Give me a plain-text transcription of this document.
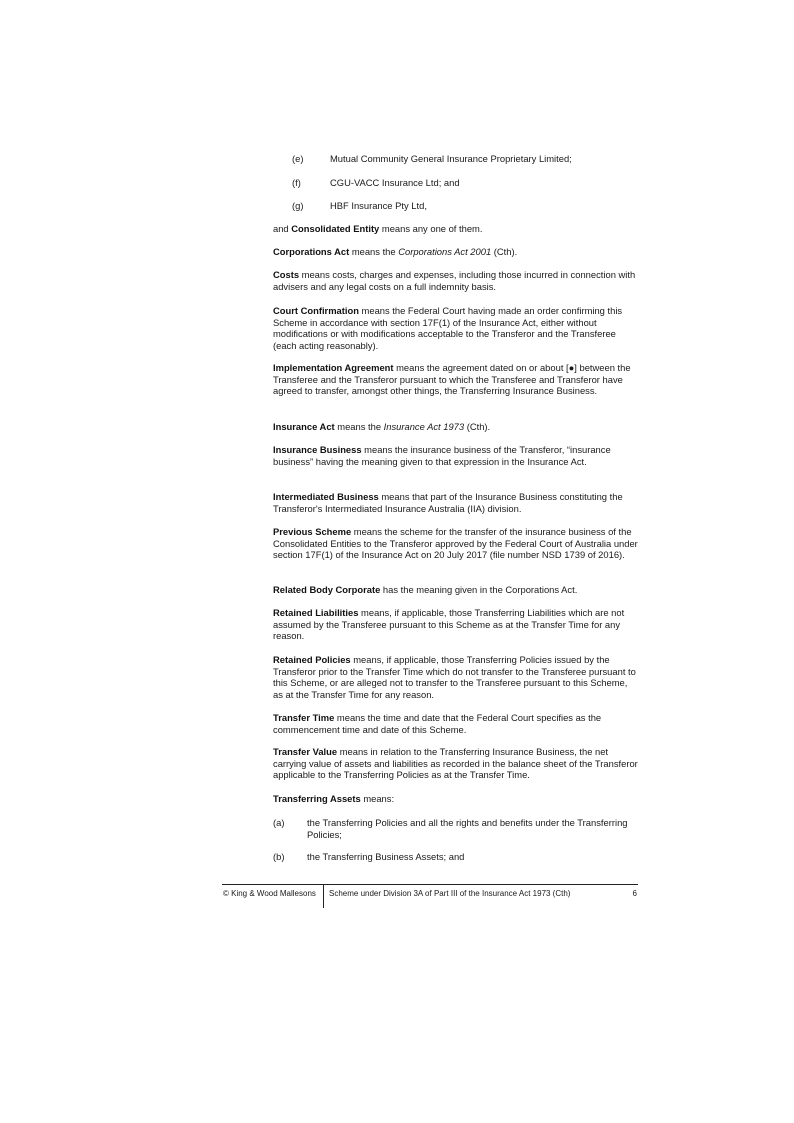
(e)	Mutual Community General Insurance Proprietary Limited;
(f)	CGU-VACC Insurance Ltd; and
(g)	HBF Insurance Pty Ltd,
and Consolidated Entity means any one of them.
Corporations Act means the Corporations Act 2001 (Cth).
Costs means costs, charges and expenses, including those incurred in connection with advisers and any legal costs on a full indemnity basis.
Court Confirmation means the Federal Court having made an order confirming this Scheme in accordance with section 17F(1) of the Insurance Act, either without modifications or with modifications acceptable to the Transferor and the Transferee (each acting reasonably).
Implementation Agreement means the agreement dated on or about [●] between the Transferee and the Transferor pursuant to which the Transferee and Transferor have agreed to transfer, amongst other things, the Transferring Insurance Business.
Insurance Act means the Insurance Act 1973 (Cth).
Insurance Business means the insurance business of the Transferor, “insurance business” having the meaning given to that expression in the Insurance Act.
Intermediated Business means that part of the Insurance Business constituting the Transferor's Intermediated Insurance Australia (IIA) division.
Previous Scheme means the scheme for the transfer of the insurance business of the Consolidated Entities to the Transferor approved by the Federal Court of Australia under section 17F(1) of the Insurance Act on 20 July 2017 (file number NSD 1739 of 2016).
Related Body Corporate has the meaning given in the Corporations Act.
Retained Liabilities means, if applicable, those Transferring Liabilities which are not assumed by the Transferee pursuant to this Scheme as at the Transfer Time for any reason.
Retained Policies means, if applicable, those Transferring Policies issued by the Transferor prior to the Transfer Time which do not transfer to the Transferee pursuant to this Scheme, or are alleged not to transfer to the Transferee pursuant to this Scheme, as at the Transfer Time for any reason.
Transfer Time means the time and date that the Federal Court specifies as the commencement time and date of this Scheme.
Transfer Value means in relation to the Transferring Insurance Business, the net carrying value of assets and liabilities as recorded in the balance sheet of the Transferor applicable to the Transferring Policies as at the Transfer Time.
Transferring Assets means:
(a) the Transferring Policies and all the rights and benefits under the Transferring Policies;
(b) the Transferring Business Assets; and
© King & Wood Mallesons Scheme under Division 3A of Part III of the Insurance Act 1973 (Cth)	6
